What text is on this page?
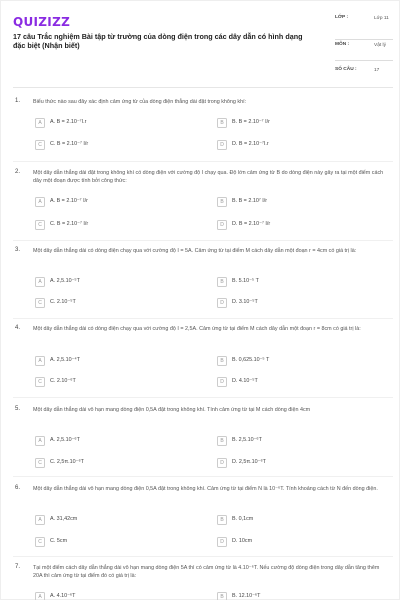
QUIZIZZ
17 câu Trắc nghiệm Bài tập từ trường của dòng điện trong các dây dẫn có hình dạng đặc biệt (Nhận biết)
LỚP :	Lớp 11
MÔN :	Vật lý
SỐ CÂU :	17
1. Biểu thức nào sau đây xác định cảm ứng từ của dòng điện thẳng dài đặt trong không khí:
A	A. B = 2.10⁻⁷I.r	B	B. B = 2.10⁻⁷ I/r
C	C. B = 2.10⁻⁷ I/r	D	D. B = 2.10⁻⁷I.r
2. Một dây dẫn thẳng dài đặt trong không khí có dòng điện với cường độ I chạy qua. Độ lớn cảm ứng từ B do dòng điện này gây ra tại một điểm cách dây một đoạn được tính bởi công thức:
A	A. B = 2.10⁻⁷ I/r	B	B. B = 2.10⁷ I/r
C	C. B = 2.10⁻⁷ I/r	D	D. B = 2.10⁻⁷ I/r
3. Một dây dẫn thẳng dài có dòng điện chạy qua với cường độ I = 5A. Cảm ứng từ tại điểm M cách dây dẫn một đoạn r = 4cm có giá trị là:
A	A. 2,5.10⁻⁵T	B	B. 5.10⁻⁵ T
C	C. 2.10⁻⁵T	D	D. 3.10⁻⁵T
4. Một dây dẫn thẳng dài có dòng điện chạy qua với cường độ I = 2,5A. Cảm ứng từ tại điểm M cách dây dẫn một đoạn r = 8cm có giá trị là:
A	A. 2,5.10⁻⁴T	B	B. 0,625.10⁻⁵ T
C	C. 2.10⁻⁶T	D	D. 4.10⁻⁵T
5. Một dây dẫn thẳng dài vô hạn mang dòng điện 0,5A đặt trong không khí. Tính cảm ứng từ tại M cách dòng điện 4cm
A	A. 2,5.10⁻⁶T	B	B. 2,5.10⁻⁶T
C	C. 2,5π.10⁻⁶T	D	D. 2,5π.10⁻⁶T
6. Một dây dẫn thẳng dài vô hạn mang dòng điện 0,5A đặt trong không khí. Cảm ứng từ tại điểm N là 10⁻⁶T. Tính khoảng cách từ N đến dòng điện.
A	A. 31,42cm	B	B. 0,1cm
C	C. 5cm	D	D. 10cm
7. Tại một điểm cách dây dẫn thẳng dài vô hạn mang dòng điện 5A thì có cảm ứng từ là 4.10⁻⁶T. Nếu cường độ dòng điện trong dây dẫn tăng thêm 20A thì cảm ứng từ tại điểm đó có giá trị là:
A	A. 4.10⁻⁶T	B	B. 12.10⁻⁶T
